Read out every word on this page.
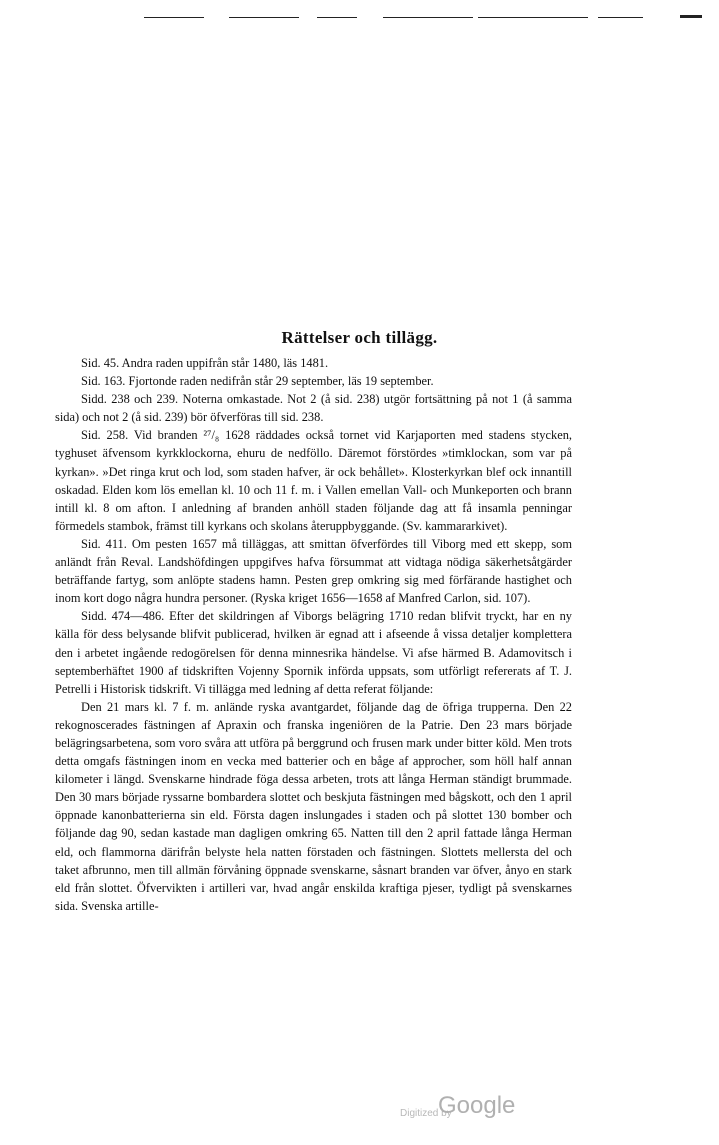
Rättelser och tillägg.

Sid. 45. Andra raden uppifrån står 1480, läs 1481.

Sid. 163. Fjortonde raden nedifrån står 29 september, läs 19 september.

Sidd. 238 och 239. Noterna omkastade. Not 2 (å sid. 238) utgör fortsättning på not 1 (å samma sida) och not 2 (å sid. 239) bör öfverföras till sid. 238.

Sid. 258. Vid branden ²⁷/₈ 1628 räddades också tornet vid Karjaporten med stadens stycken, tyghuset äfvensom kyrkklockorna, ehuru de nedföllo. Däremot förstördes »timklockan, som var på kyrkan». »Det ringa krut och lod, som staden hafver, är ock behållet». Klosterkyrkan blef ock innantill oskadad. Elden kom lös emellan kl. 10 och 11 f. m. i Vallen emellan Vall- och Munkeporten och brann intill kl. 8 om afton. I anledning af branden anhöll staden följande dag att få insamla penningar förmedels stambok, främst till kyrkans och skolans återuppbyggande. (Sv. kammararkivet).

Sid. 411. Om pesten 1657 må tilläggas, att smittan öfverfördes till Viborg med ett skepp, som anländt från Reval. Landshöfdingen uppgifves hafva försummat att vidtaga nödiga säkerhetsåtgärder beträffande fartyg, som anlöpte stadens hamn. Pesten grep omkring sig med förfärande hastighet och inom kort dogo några hundra personer. (Ryska kriget 1656—1658 af Manfred Carlon, sid. 107).

Sidd. 474—486. Efter det skildringen af Viborgs belägring 1710 redan blifvit tryckt, har en ny källa för dess belysande blifvit publicerad, hvilken är egnad att i afseende å vissa detaljer komplettera den i arbetet ingående redogörelsen för denna minnesrika händelse. Vi afse härmed B. Adamovitsch i septemberhäftet 1900 af tidskriften Vojenny Spornik införda uppsats, som utförligt refererats af T. J. Petrelli i Historisk tidskrift. Vi tillägga med ledning af detta referat följande:

Den 21 mars kl. 7 f. m. anlände ryska avantgardet, följande dag de öfriga trupperna. Den 22 rekognoscerades fästningen af Apraxin och franska ingeniören de la Patrie. Den 23 mars började belägringsarbetena, som voro svåra att utföra på berggrund och frusen mark under bitter köld. Men trots detta omgafs fästningen inom en vecka med batterier och en båge af approcher, som höll half annan kilometer i längd. Svenskarne hindrade föga dessa arbeten, trots att långa Herman ständigt brummade. Den 30 mars började ryssarne bombardera slottet och beskjuta fästningen med bågskott, och den 1 april öppnade kanonbatterierna sin eld. Första dagen inslungades i staden och på slottet 130 bomber och följande dag 90, sedan kastade man dagligen omkring 65. Natten till den 2 april fattade långa Herman eld, och flammorna därifrån belyste hela natten förstaden och fästningen. Slottets mellersta del och taket afbrunno, men till allmän förvåning öppnade svenskarne, såsnart branden var öfver, ånyo en stark eld från slottet. Öfvervikten i artilleri var, hvad angår enskilda kraftiga pjeser, tydligt på svenskarnes sida. Svenska artille-

Digitized by
Google
